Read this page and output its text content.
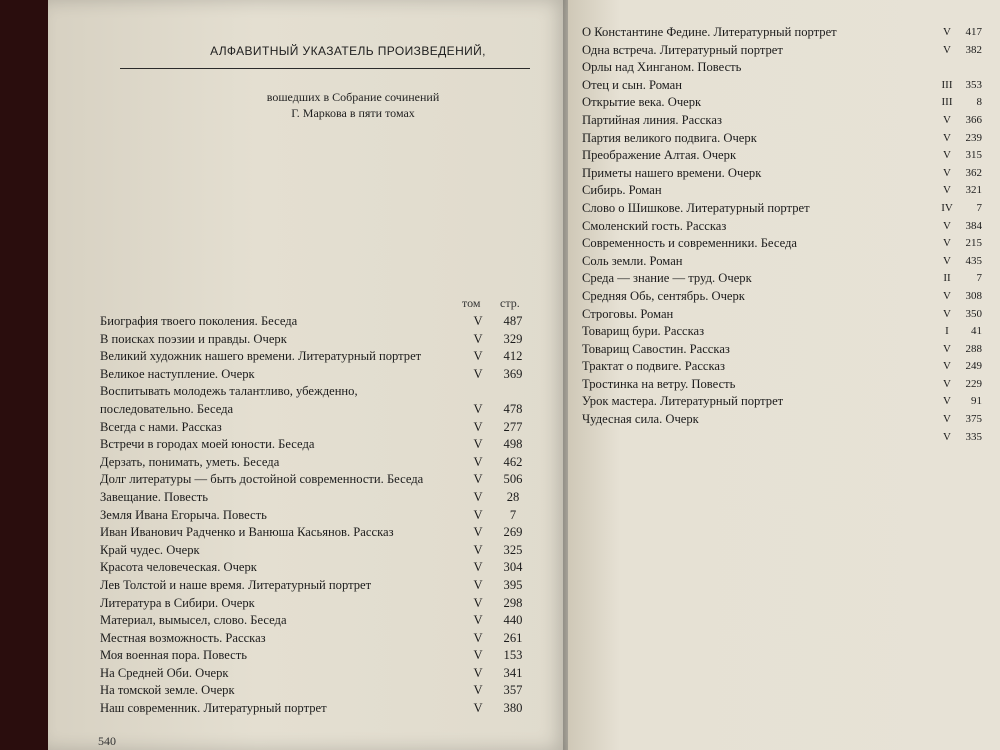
АЛФАВИТНЫЙ УКАЗАТЕЛЬ ПРОИЗВЕДЕНИЙ,
вошедших в Собрание сочинений
Г. Маркова в пяти томах
том стр.
Биография твоего поколения. Беседа	V	487
В поисках поэзии и правды. Очерк	V	329
Великий художник нашего времени. Литературный портрет	V	412
Великое наступление. Очерк	V	369
Воспитывать молодежь талантливо, убежденно, последовательно. Беседа	V	478
Всегда с нами. Рассказ	V	277
Встречи в городах моей юности. Беседа	V	498
Дерзать, понимать, уметь. Беседа	V	462
Долг литературы — быть достойной современности. Беседа	V	506
Завещание. Повесть	V	28
Земля Ивана Егорыча. Повесть	V	7
Иван Иванович Радченко и Ванюша Касьянов. Рассказ	V	269
Край чудес. Очерк	V	325
Красота человеческая. Очерк	V	304
Лев Толстой и наше время. Литературный портрет	V	395
Литература в Сибири. Очерк	V	298
Материал, вымысел, слово. Беседа	V	440
Местная возможность. Рассказ	V	261
Моя военная пора. Повесть	V	153
На Средней Оби. Очерк	V	341
На томской земле. Очерк	V	357
Наш современник. Литературный портрет	V	380
540
О Константине Федине. Литературный портрет	V	417
Одна встреча. Литературный портрет	V	382
Орлы над Хинганом. Повесть
Отец и сын. Роман	III	353
Открытие века. Очерк	III	8
Партийная линия. Рассказ	V	366
Партия великого подвига. Очерк	V	239
Преображение Алтая. Очерк	V	315
Приметы нашего времени. Очерк	V	362
Сибирь. Роман	V	321
Слово о Шишкове. Литературный портрет	IV	7
Смоленский гость. Рассказ	V	384
Современность и современники. Беседа	V	215
Соль земли. Роман	V	435
Среда — знание — труд. Очерк	II	7
Средняя Обь, сентябрь. Очерк	V	308
Строговы. Роман	V	350
Товарищ бури. Рассказ	I	41
Товарищ Савостин. Рассказ	V	288
Трактат о подвиге. Рассказ	V	249
Тростинка на ветру. Повесть	V	229
Урок мастера. Литературный портрет	V	91
Чудесная сила. Очерк	V	375
V	335
